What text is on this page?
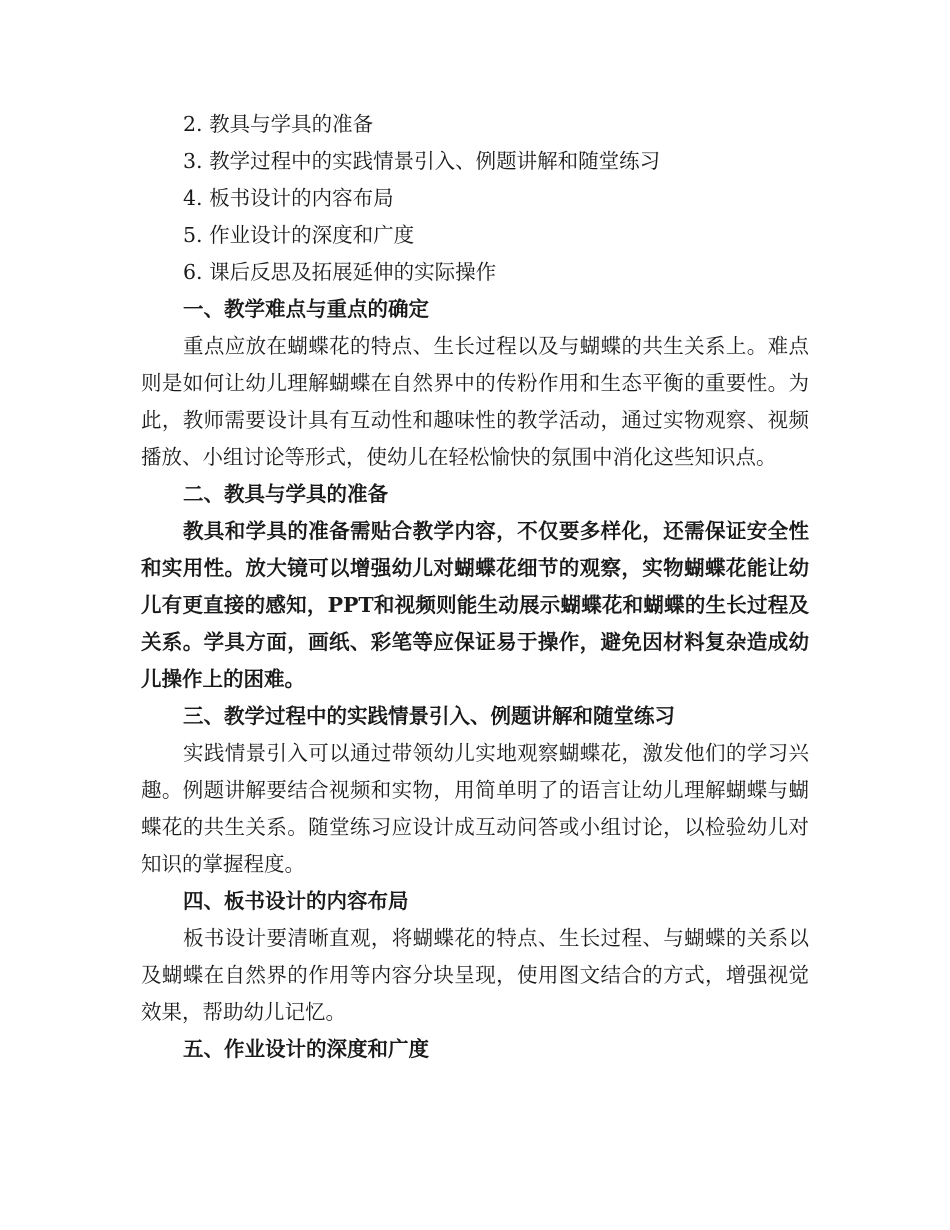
2. 教具与学具的准备
3. 教学过程中的实践情景引入、例题讲解和随堂练习
4. 板书设计的内容布局
5. 作业设计的深度和广度
6. 课后反思及拓展延伸的实际操作
一、教学难点与重点的确定

重点应放在蝴蝶花的特点、生长过程以及与蝴蝶的共生关系上。难点则是如何让幼儿理解蝴蝶在自然界中的传粉作用和生态平衡的重要性。为此，教师需要设计具有互动性和趣味性的教学活动，通过实物观察、视频播放、小组讨论等形式，使幼儿在轻松愉快的氛围中消化这些知识点。

二、教具与学具的准备

教具和学具的准备需贴合教学内容，不仅要多样化，还需保证安全性和实用性。放大镜可以增强幼儿对蝴蝶花细节的观察，实物蝴蝶花能让幼儿有更直接的感知，PPT和视频则能生动展示蝴蝶花和蝴蝶的生长过程及关系。学具方面，画纸、彩笔等应保证易于操作，避免因材料复杂造成幼儿操作上的困难。

三、教学过程中的实践情景引入、例题讲解和随堂练习

实践情景引入可以通过带领幼儿实地观察蝴蝶花，激发他们的学习兴趣。例题讲解要结合视频和实物，用简单明了的语言让幼儿理解蝴蝶与蝴蝶花的共生关系。随堂练习应设计成互动问答或小组讨论，以检验幼儿对知识的掌握程度。

四、板书设计的内容布局

板书设计要清晰直观，将蝴蝶花的特点、生长过程、与蝴蝶的关系以及蝴蝶在自然界的作用等内容分块呈现，使用图文结合的方式，增强视觉效果，帮助幼儿记忆。

五、作业设计的深度和广度
